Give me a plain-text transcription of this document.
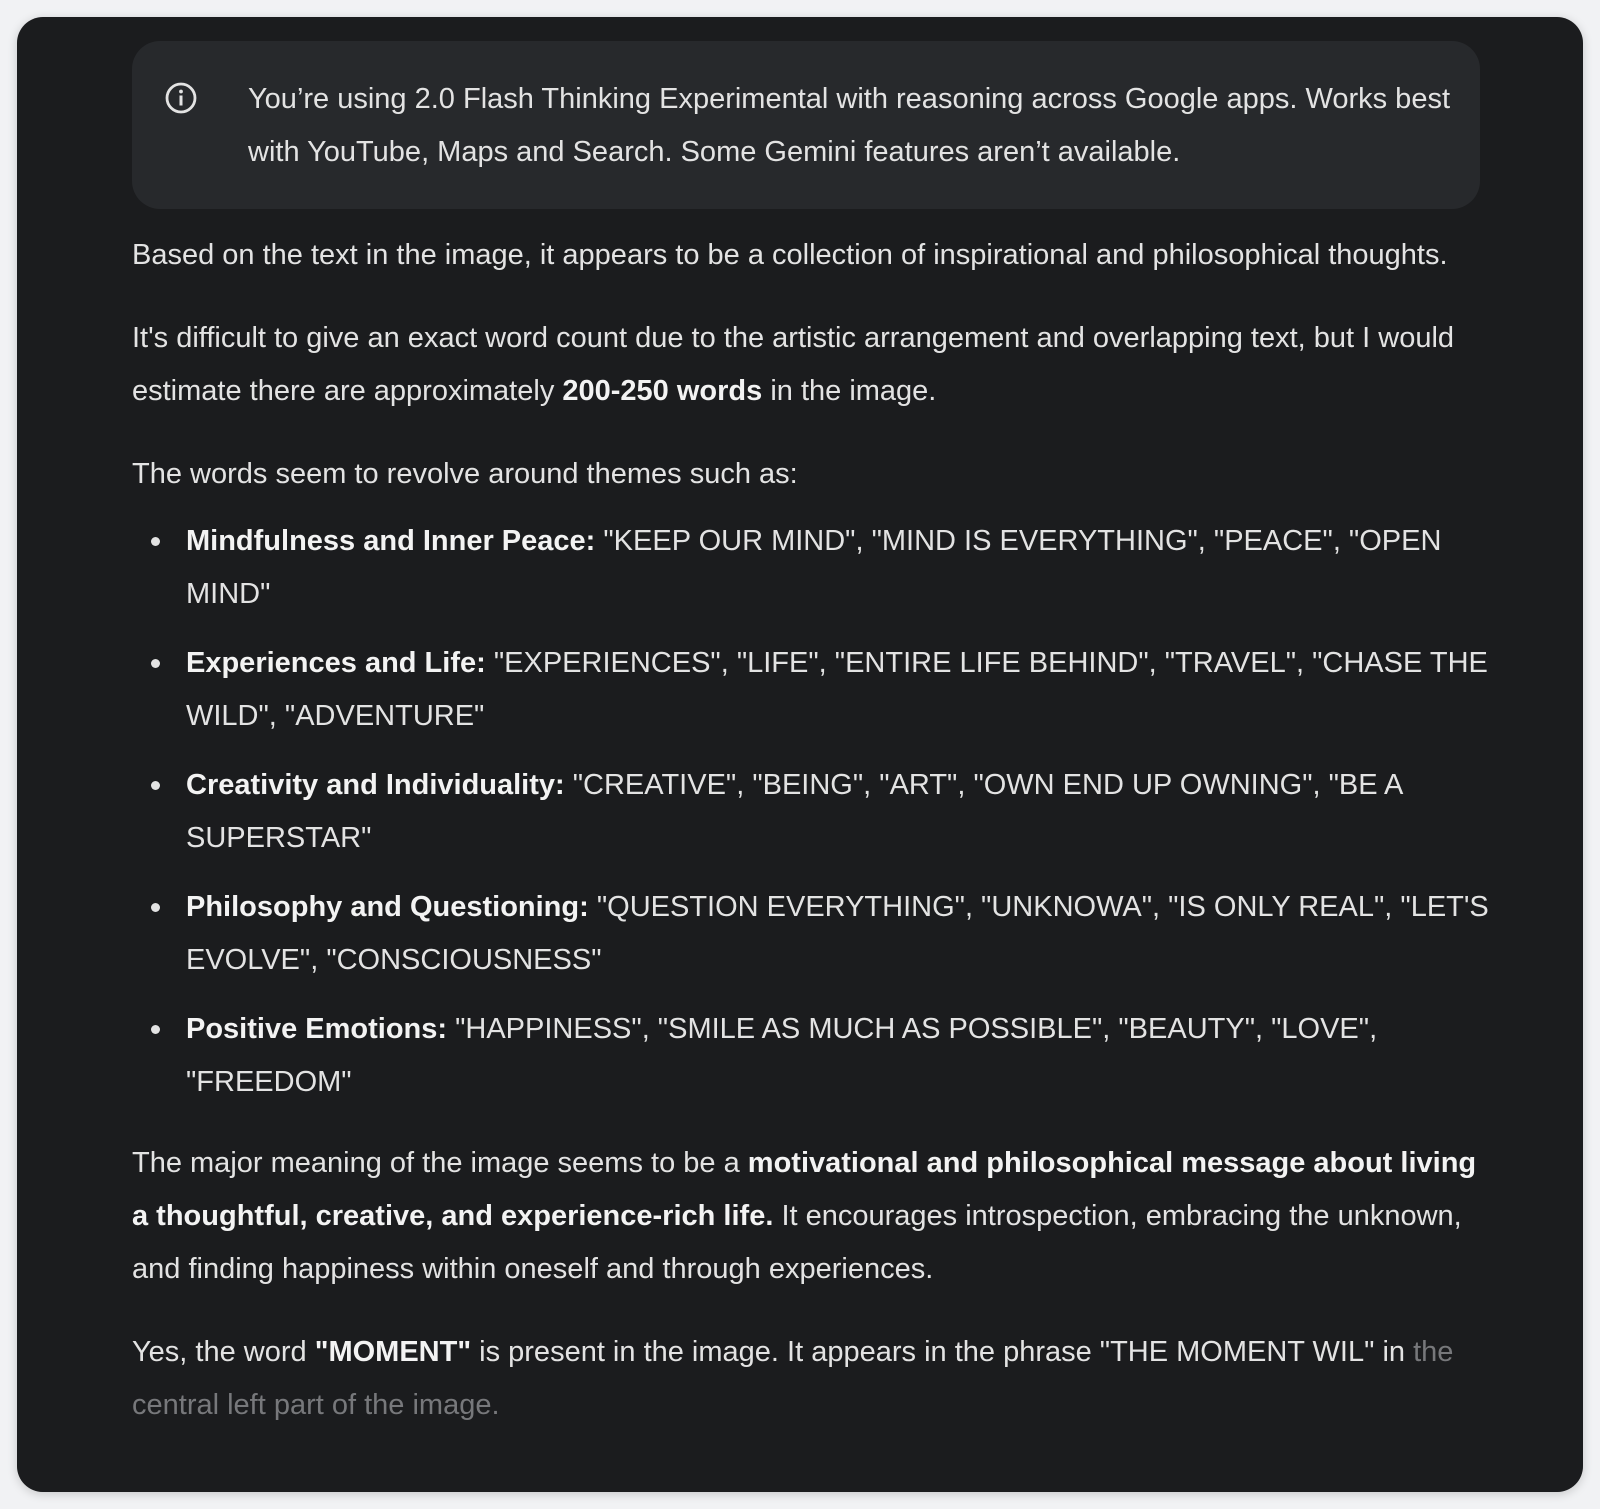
You’re using 2.0 Flash Thinking Experimental with reasoning across Google apps. Works best with YouTube, Maps and Search. Some Gemini features aren’t available.

Based on the text in the image, it appears to be a collection of inspirational and philosophical thoughts.

It's difficult to give an exact word count due to the artistic arrangement and overlapping text, but I would estimate there are approximately 200-250 words in the image.

The words seem to revolve around themes such as:

Mindfulness and Inner Peace: "KEEP OUR MIND", "MIND IS EVERYTHING", "PEACE", "OPEN MIND"
Experiences and Life: "EXPERIENCES", "LIFE", "ENTIRE LIFE BEHIND", "TRAVEL", "CHASE THE WILD", "ADVENTURE"
Creativity and Individuality: "CREATIVE", "BEING", "ART", "OWN END UP OWNING", "BE A SUPERSTAR"
Philosophy and Questioning: "QUESTION EVERYTHING", "UNKNOWA", "IS ONLY REAL", "LET'S EVOLVE", "CONSCIOUSNESS"
Positive Emotions: "HAPPINESS", "SMILE AS MUCH AS POSSIBLE", "BEAUTY", "LOVE", "FREEDOM"

The major meaning of the image seems to be a motivational and philosophical message about living a thoughtful, creative, and experience-rich life. It encourages introspection, embracing the unknown, and finding happiness within oneself and through experiences.

Yes, the word "MOMENT" is present in the image. It appears in the phrase "THE MOMENT WIL" in the central left part of the image.
